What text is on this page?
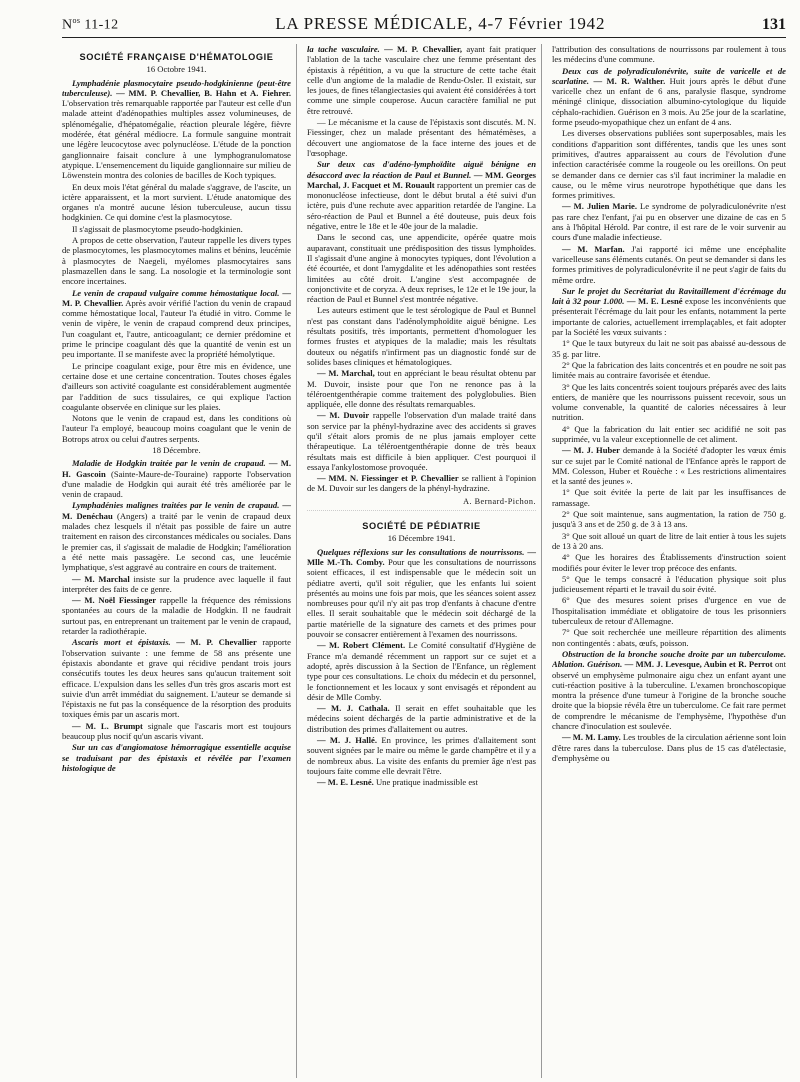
$N^{os}$ 11-12	LA PRESSE MÉDICALE, 4-7 Février 1942	131
SOCIÉTÉ FRANÇAISE D'HÉMATOLOGIE
16 Octobre 1941.

Lymphadénie plasmocytaire pseudo-hodgkinienne (peut-être tuberculeuse). — MM. P. Chevallier, B. Hahn et A. Fiehrer. L'observation très remarquable rapportée par l'auteur est celle d'un malade atteint d'adénopathies multiples assez volumineuses, de splénomégalie, d'hépatomégalie, réaction pleurale légère, fièvre modérée, état général médiocre. La formule sanguine montrait une légère leucocytose avec polynucléose. L'étude de la ponction ganglionnaire faisait conclure à une lymphogranulomatose atypique. L'ensemencement du liquide ganglionnaire sur milieu de Löwenstein montra des colonies de bacilles de Koch typiques.

En deux mois l'état général du malade s'aggrave, de l'ascite, un ictère apparaissent, et la mort survient. L'étude anatomique des organes n'a montré aucune lésion tuberculeuse, aucun tissu hodgkinien. Ce qui domine c'est la plasmocytose.

Il s'agissait de plasmocytome pseudo-hodgkinien.

A propos de cette observation, l'auteur rappelle les divers types de plasmocytomes, les plasmocytomes malins et bénins, leucémie à plasmocytes de Naegeli, myélomes plasmocytaires sans plasmazellen dans le sang. La nosologie et la terminologie sont encore incertaines.

Le venin de crapaud vulgaire comme hémostatique local. — M. P. Chevallier. Après avoir vérifié l'action du venin de crapaud comme hémostatique local, l'auteur l'a étudié in vitro. Comme le venin de vipère, le venin de crapaud comprend deux principes, l'un coagulant et, l'autre, anticoagulant; ce dernier prédomine et prime le principe coagulant dès que la quantité de venin est un peu importante. Il se manifeste avec la propriété hémolytique.

Le principe coagulant exige, pour être mis en évidence, une certaine dose et une certaine concentration. Toutes choses égales d'ailleurs son activité coagulante est considérablement augmentée par l'addition de sucs tissulaires, ce qui explique l'action coagulante observée en clinique sur les plaies.

Notons que le venin de crapaud est, dans les conditions où l'auteur l'a employé, beaucoup moins coagulant que le venin de Botrops atrox ou celui d'autres serpents.

18 Décembre.

Maladie de Hodgkin traitée par le venin de crapaud. — M. H. Gascoin (Sainte-Maure-de-Touraine) rapporte l'observation d'une maladie de Hodgkin qui aurait été très améliorée par le venin de crapaud.

Lymphadénies malignes traitées par le venin de crapaud. — M. Denéchau (Angers) a traité par le venin de crapaud deux malades chez lesquels il n'était pas possible de faire un autre traitement en raison des circonstances médicales ou sociales. Dans le premier cas, il s'agissait de maladie de Hodgkin; l'amélioration a été nette mais passagère. Le second cas, une leucémie lymphatique, s'est aggravé au contraire en cours de traitement.

— M. Marchal insiste sur la prudence avec laquelle il faut interpréter des faits de ce genre.

— M. Noël Fiessinger rappelle la fréquence des rémissions spontanées au cours de la maladie de Hodgkin. Il ne faudrait surtout pas, en entreprenant un traitement par le venin de crapaud, retarder la radiothérapie.

Ascaris mort et épistaxis. — M. P. Chevallier rapporte l'observation suivante : une femme de 58 ans présente une épistaxis abondante et grave qui récidive pendant trois jours consécutifs toutes les deux heures sans qu'aucun traitement soit efficace. L'expulsion dans les selles d'un très gros ascaris mort est suivie d'un arrêt immédiat du saignement. L'auteur se demande si l'épistaxis ne fut pas la conséquence de la résorption des produits toxiques émis par un ascaris mort.

— M. L. Brumpt signale que l'ascaris mort est toujours beaucoup plus nocif qu'un ascaris vivant.

Sur un cas d'angiomatose hémorragique essentielle acquise se traduisant par des épistaxis et révélée par l'examen histologique de

la tache vasculaire. — M. P. Chevallier, ayant fait pratiquer l'ablation de la tache vasculaire chez une femme présentant des épistaxis à répétition, a vu que la structure de cette tache était celle d'un angiome de la maladie de Rendu-Osler. Il existait, sur les joues, de fines télangiectasies qui avaient été considérées à tort comme une simple couperose. Aucun caractère familial ne put être retrouvé.

— Le mécanisme et la cause de l'épistaxis sont discutés. M. N. Fiessinger, chez un malade présentant des hématémèses, a découvert une angiomatose de la face interne des joues et de l'œsophage.

Sur deux cas d'adéno-lymphoïdite aiguë bénigne en désaccord avec la réaction de Paul et Bunnel. — MM. Georges Marchal, J. Facquet et M. Rouault rapportent un premier cas de mononucléose infectieuse, dont le début brutal a été suivi d'un ictère, puis d'une rechute avec apparition retardée de l'angine. La séro-réaction de Paul et Bunnel a été douteuse, puis deux fois négative, entre le 18e et le 40e jour de la maladie.

Dans le second cas, une appendicite, opérée quatre mois auparavant, constituait une prédisposition des tissus lymphoïdes. Il s'agissait d'une angine à monocytes typiques, dont l'évolution a été écourtée, et dont l'amygdalite et les adénopathies sont restées limitées au côté droit. L'angine s'est accompagnée de conjonctivite et de coryza. A deux reprises, le 12e et le 19e jour, la réaction de Paul et Bunnel s'est montrée négative.

Les auteurs estiment que le test sérologique de Paul et Bunnel n'est pas constant dans l'adénolymphoïdite aiguë bénigne. Les résultats positifs, très importants, permettent d'homologuer les formes frustes et atypiques de la maladie; mais les résultats douteux ou négatifs n'infirment pas un diagnostic fondé sur de solides bases cliniques et hématologiques.

— M. Marchal, tout en appréciant le beau résultat obtenu par M. Duvoir, insiste pour que l'on ne renonce pas à la téléroentgenthérapie comme traitement des polyglobulies. Bien appliquée, elle donne des résultats remarquables.

— M. Duvoir rappelle l'observation d'un malade traité dans son service par la phényl-hydrazine avec des accidents si graves qu'il s'était alors promis de ne plus jamais employer cette thérapeutique. La téléroentgenthérapie donne de très beaux résultats mais est difficile à bien appliquer. C'est pourquoi il essaya l'ankylostomose provoquée.

— MM. N. Fiessinger et P. Chevallier se rallient à l'opinion de M. Duvoir sur les dangers de la phényl-hydrazine.

A. Bernard-Pichon.
SOCIÉTÉ DE PÉDIATRIE
16 Décembre 1941.

Quelques réflexions sur les consultations de nourrissons. — Mlle M.-Th. Comby. Pour que les consultations de nourrissons soient efficaces, il est indispensable que le médecin soit un pédiatre averti, qu'il soit régulier, que les enfants lui soient présentés au moins une fois par mois, que les séances soient assez nombreuses pour qu'il n'y ait pas trop d'enfants à chacune d'entre elles. Il serait souhaitable que le médecin soit déchargé de la partie matérielle de la signature des carnets et des primes pour pouvoir se consacrer entièrement à l'examen des nourrissons.

— M. Robert Clément. Le Comité consultatif d'Hygiène de France m'a demandé récemment un rapport sur ce sujet et a adopté, après discussion à la Section de l'Enfance, un règlement type pour ces consultations. Le choix du médecin et du personnel, le fonctionnement et les locaux y sont envisagés et répondent au désir de Mlle Comby.

— M. J. Cathala. Il serait en effet souhaitable que les médecins soient déchargés de la partie administrative et de la distribution des primes d'allaitement ou autres.

— M. J. Hallé. En province, les primes d'allaitement sont souvent signées par le maire ou même le garde champêtre et il y a de nombreux abus. La visite des enfants du premier âge n'est pas toujours faite comme elle devrait l'être.

— M. E. Lesné. Une pratique inadmissible est

l'attribution des consultations de nourrissons par roulement à tous les médecins d'une commune.

Deux cas de polyradiculonévrite, suite de varicelle et de scarlatine. — M. R. Walther. Huit jours après le début d'une varicelle chez un enfant de 6 ans, paralysie flasque, syndrome méningé clinique, dissociation albumino-cytologique du liquide céphalo-rachidien. Guérison en 3 mois. Au 25e jour de la scarlatine, forme pseudo-myopathique chez un enfant de 4 ans.

Les diverses observations publiées sont superposables, mais les conditions d'apparition sont différentes, tandis que les unes sont primitives, d'autres apparaissent au cours de l'évolution d'une infection caractérisée comme la rougeole ou les oreillons. On peut se demander dans ce dernier cas s'il faut incriminer la maladie en cause, ou le même virus neurotrope hypothétique que dans les formes primitives.

— M. Julien Marie. Le syndrome de polyradiculonévrite n'est pas rare chez l'enfant, j'ai pu en observer une dizaine de cas en 5 ans à l'hôpital Hérold. Par contre, il est rare de le voir survenir au cours d'une maladie infectieuse.

— M. Marfan. J'ai rapporté ici même une encéphalite varicelleuse sans éléments cutanés. On peut se demander si dans les formes primitives de polyradiculonévrite il ne peut s'agir de faits du même ordre.

Sur le projet du Secrétariat du Ravitaillement d'écrémage du lait à 32 pour 1.000. — M. E. Lesné expose les inconvénients que présenterait l'écrémage du lait pour les enfants, notamment la perte importante de calories, actuellement irremplaçables, et fait adopter par la Société les vœux suivants :

1° Que le taux butyreux du lait ne soit pas abaissé au-dessous de 35 g. par litre.

2° Que la fabrication des laits concentrés et en poudre ne soit pas limitée mais au contraire favorisée et étendue.

3° Que les laits concentrés soient toujours préparés avec des laits entiers, de manière que les nourrissons puissent recevoir, sous un volume convenable, la quantité de calories nécessaires à leur nutrition.

4° Que la fabrication du lait entier sec acidifié ne soit pas supprimée, vu la valeur exceptionnelle de cet aliment.

— M. J. Huber demande à la Société d'adopter les vœux émis sur ce sujet par le Comité national de l'Enfance après le rapport de MM. Colesson, Huber et Rouèche : « Les restrictions alimentaires et la santé des jeunes ».

1° Que soit évitée la perte de lait par les insuffisances de ramassage.

2° Que soit maintenue, sans augmentation, la ration de 750 g. jusqu'à 3 ans et de 250 g. de 3 à 13 ans.

3° Que soit alloué un quart de litre de lait entier à tous les sujets de 13 à 20 ans.

4° Que les horaires des Établissements d'instruction soient modifiés pour éviter le lever trop précoce des enfants.

5° Que le temps consacré à l'éducation physique soit plus judicieusement réparti et le travail du soir évité.

6° Que des mesures soient prises d'urgence en vue de l'hospitalisation immédiate et obligatoire de tous les prisonniers tuberculeux de retour d'Allemagne.

7° Que soit recherchée une meilleure répartition des aliments non contingentés : abats, œufs, poisson.

Obstruction de la bronche souche droite par un tuberculome. Ablation. Guérison. — MM. J. Levesque, Aubin et R. Perrot ont observé un emphysème pulmonaire aigu chez un enfant ayant une cuti-réaction positive à la tuberculine. L'examen bronchoscopique montra la présence d'une tumeur à l'origine de la bronche souche droite que la biopsie révéla être un tuberculome. Ce fait rare permet de comprendre le mécanisme de l'emphysème, l'hypothèse d'un chancre d'inoculation est soulevée.

— M. M. Lamy. Les troubles de la circulation aérienne sont loin d'être rares dans la tuberculose. Dans plus de 15 cas d'atélectasie, d'emphysème ou
